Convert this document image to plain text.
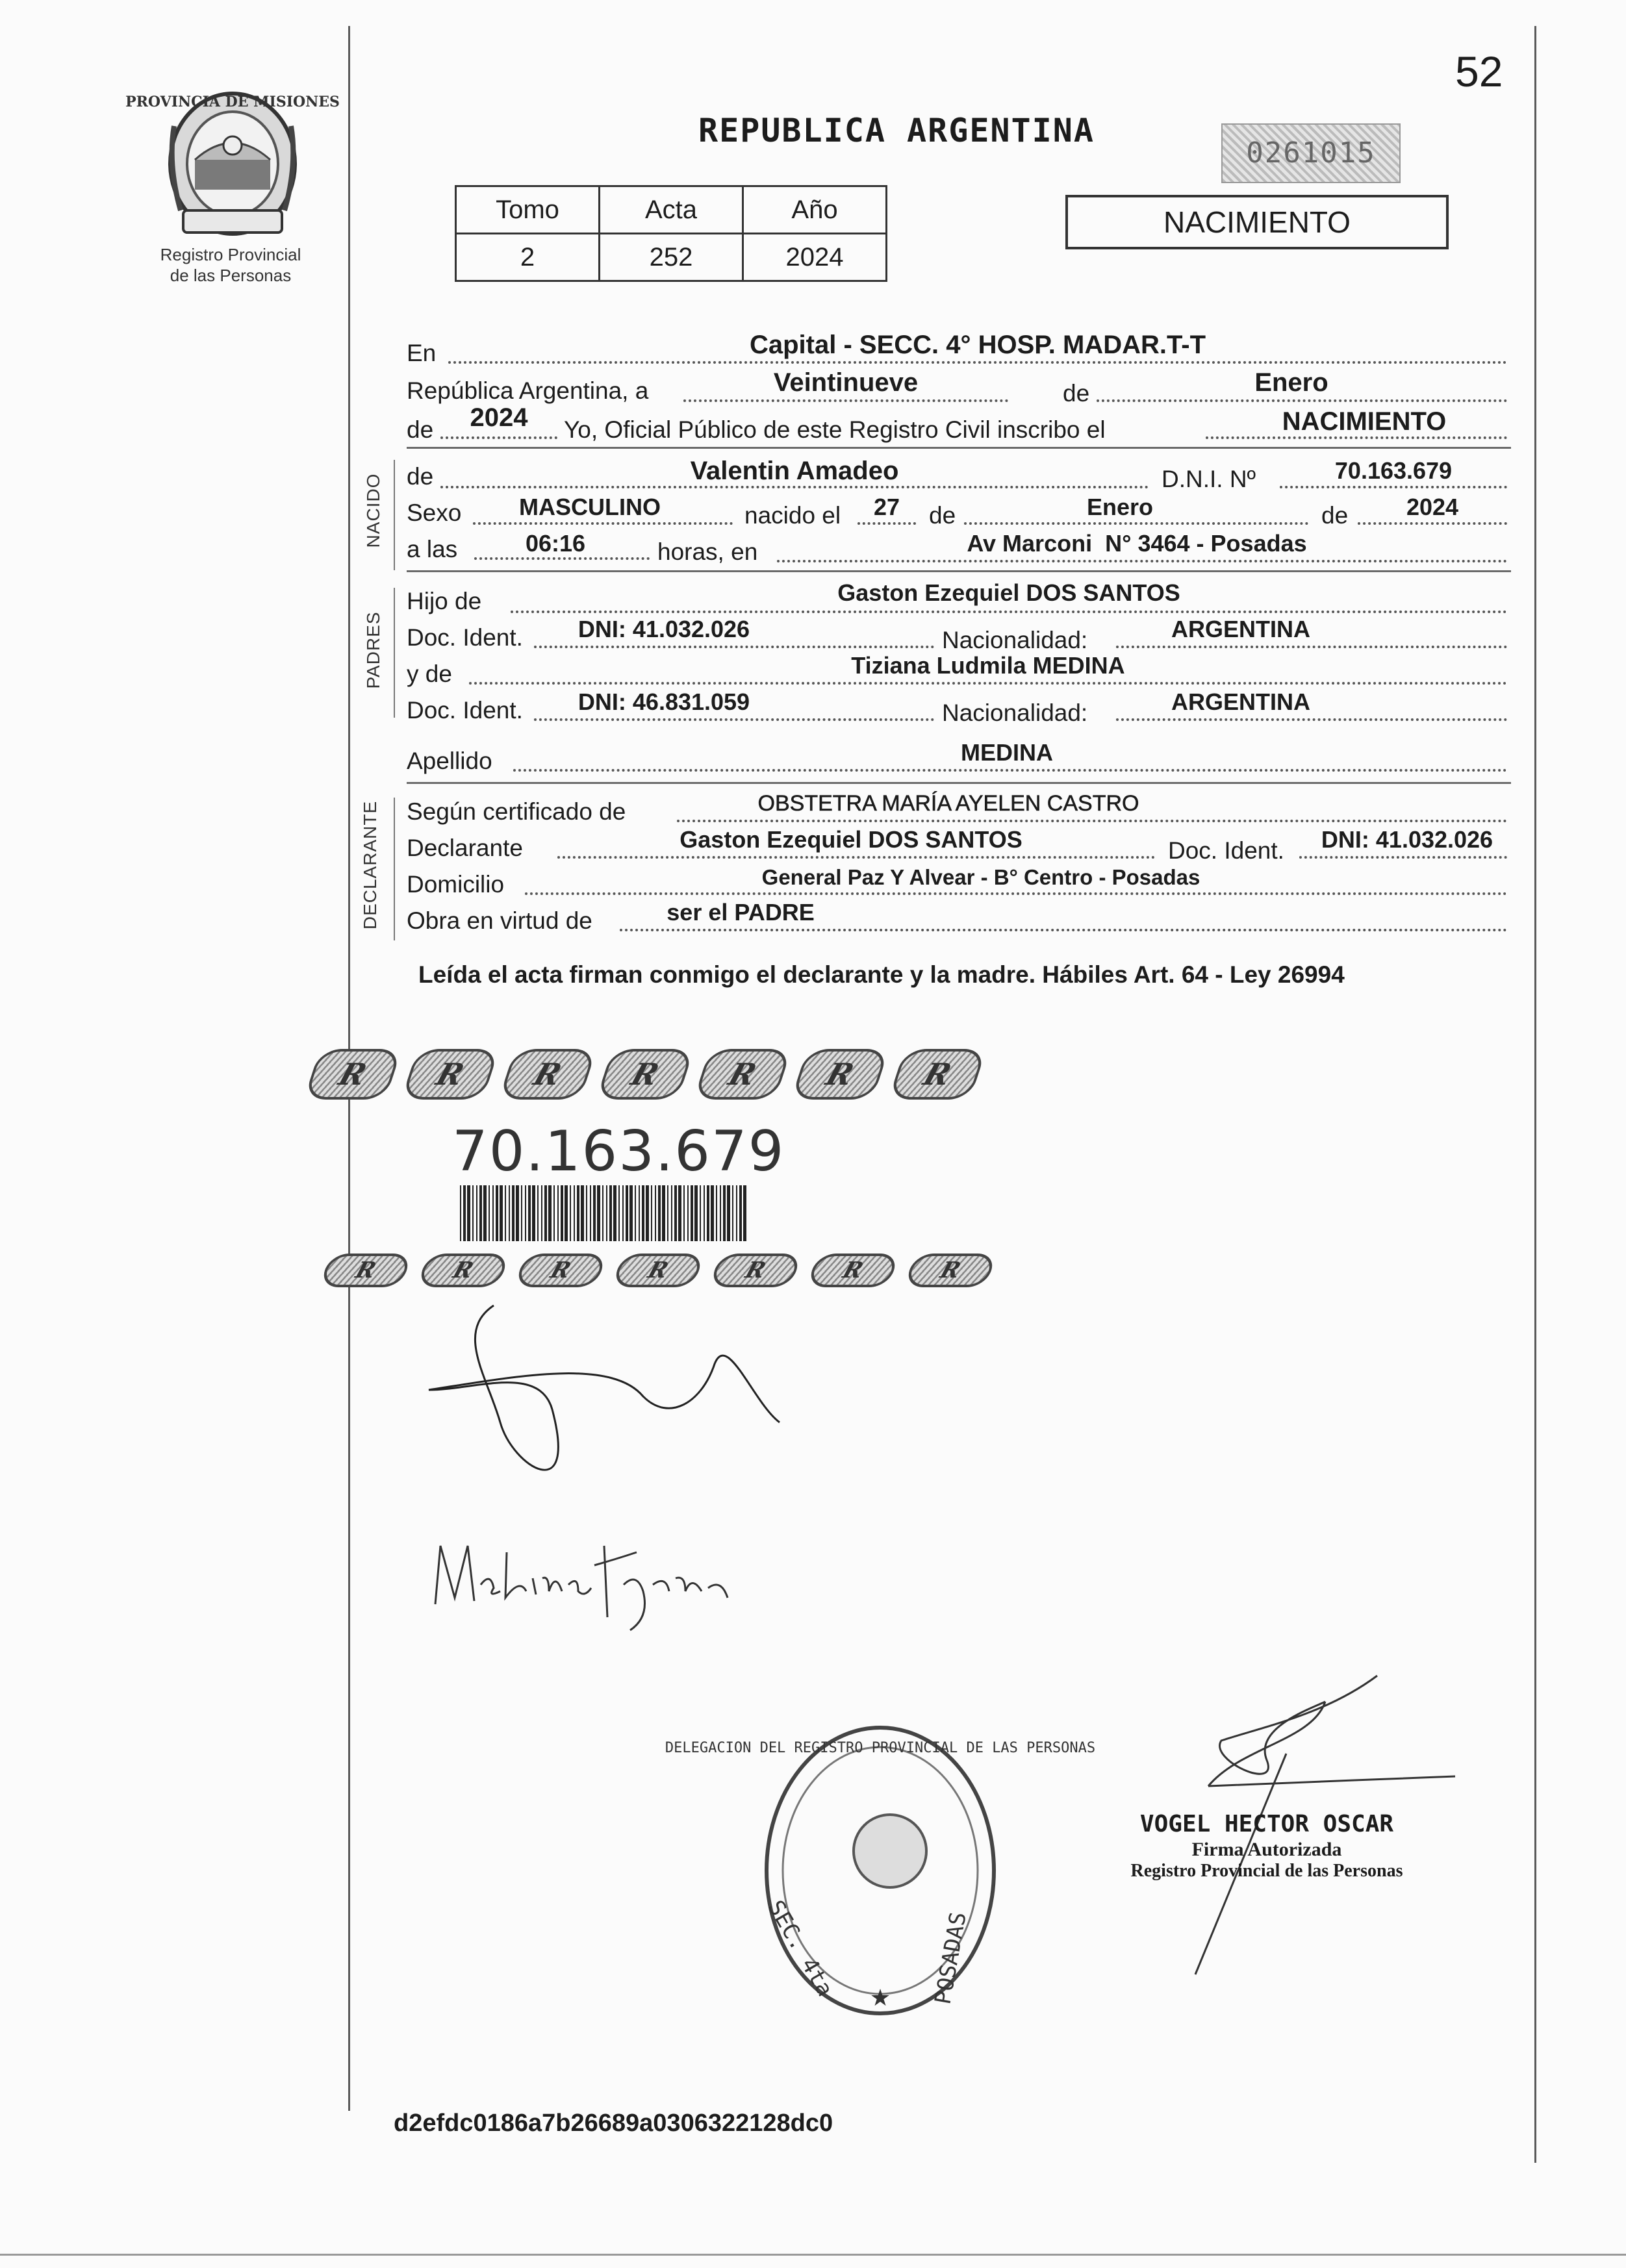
52
PROVINCIA DE MISIONES
Registro Provincial
de las Personas
REPUBLICA ARGENTINA
0261015
Tomo	Acta	Año
2	252	2024
NACIMIENTO
En	Capital - SECC. 4° HOSP. MADAR.T-T
República Argentina, a	Veintinueve	de	Enero
de	2024	Yo, Oficial Público de este Registro Civil inscribo el	NACIMIENTO
NACIDO de	Valentin Amadeo	D.N.I. Nº	70.163.679
Sexo	MASCULINO	nacido el	27	de	Enero	de	2024
a las	06:16	horas, en	Av Marconi  N° 3464 - Posadas
PADRES
Hijo de	Gaston Ezequiel DOS SANTOS
Doc. Ident.	DNI: 41.032.026	Nacionalidad:	ARGENTINA
y de	Tiziana Ludmila MEDINA
Doc. Ident.	DNI: 46.831.059	Nacionalidad:	ARGENTINA
Apellido	MEDINA
DECLARANTE Según certificado de	OBSTETRA MARÍA AYELEN CASTRO
Declarante	Gaston Ezequiel DOS SANTOS	Doc. Ident.	DNI: 41.032.026
Domicilio	General Paz Y Alvear - B° Centro - Posadas
Obra en virtud de	ser el PADRE
Leída el acta firman conmigo el declarante y la madre. Hábiles Art. 64 - Ley 26994
R	R	R	R	R	R	R
70.163.679
R	R	R	R	R	R	R
★
DELEGACION DEL REGISTRO PROVINCIAL DE LAS PERSONAS
SEC. 4ta	POSADAS
VOGEL HECTOR OSCAR
Firma Autorizada
Registro Provincial de las Personas
d2efdc0186a7b26689a0306322128dc0
